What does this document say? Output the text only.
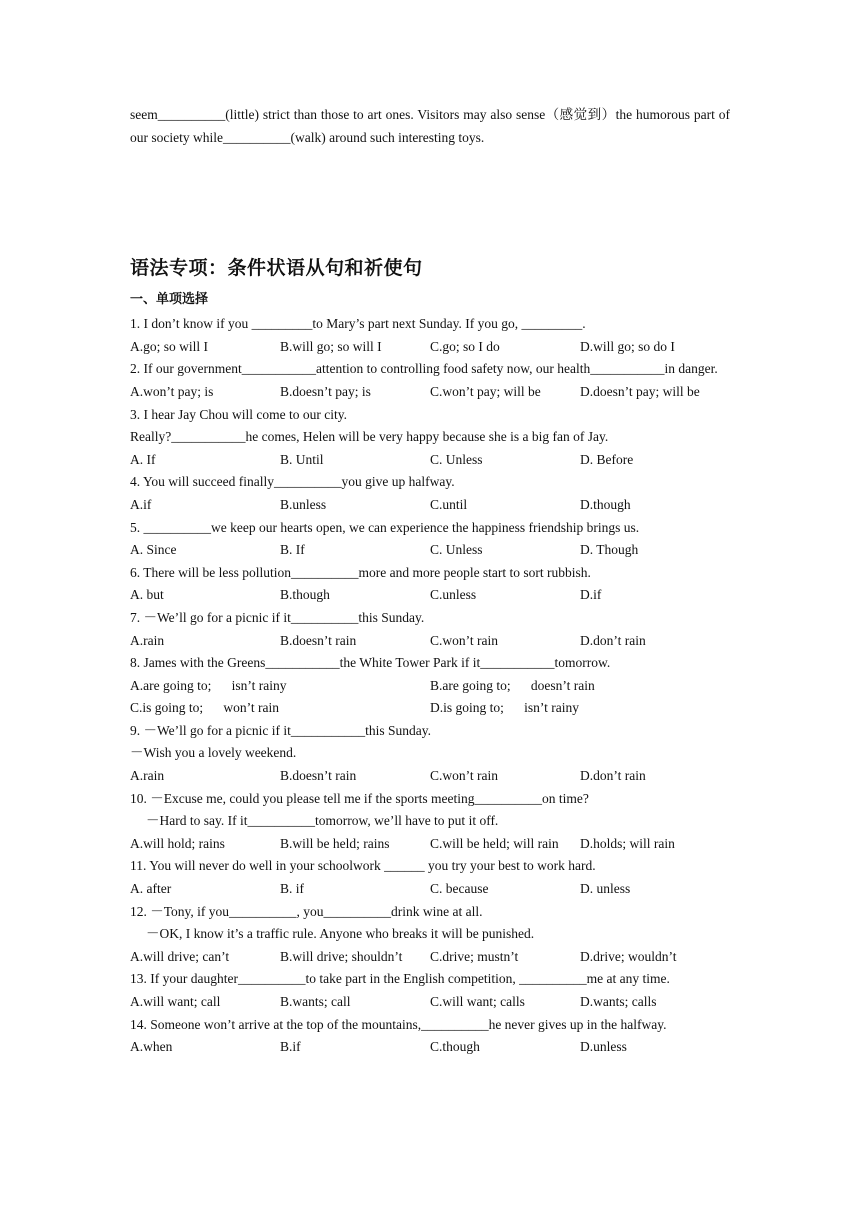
seem__________(little) strict than those to art ones. Visitors may also sense（感觉到）the humorous part of our society while__________(walk) around such interesting toys.

语法专项：条件状语从句和祈使句
一、单项选择

1. I don’t know if you _________to Mary’s part next Sunday. If you go, _________.

A.go; so will I	B.will go; so will I	C.go; so I do	D.will go; so do I

2. If our government___________attention to controlling food safety now, our health___________in danger.

A.won’t pay; is	B.doesn’t pay; is	C.won’t pay; will be	D.doesn’t pay; will be

3. I hear Jay Chou will come to our city.

Really?___________he comes, Helen will be very happy because she is a big fan of Jay.

A. If	B. Until	C. Unless	D. Before

4. You will succeed finally__________you give up halfway.

A.if	B.unless	C.until	D.though

5. __________we keep our hearts open, we can experience the happiness friendship brings us.

A. Since	B. If	C. Unless	D. Though

6. There will be less pollution__________more and more people start to sort rubbish.

A. but	B.though	C.unless	D.if

7. －We’ll go for a picnic if it__________this Sunday.

A.rain	B.doesn’t rain	C.won’t rain	D.don’t rain

8. James with the Greens___________the White Tower Park if it___________tomorrow.

A.are going to;      isn’t rainy	B.are going to;      doesn’t rain
C.is going to;      won’t rain	D.is going to;      isn’t rainy

9. －We’ll go for a picnic if it___________this Sunday.

－Wish you a lovely weekend.

A.rain	B.doesn’t rain	C.won’t rain	D.don’t rain

10. －Excuse me, could you please tell me if the sports meeting__________on time?

－Hard to say. If it__________tomorrow, we’ll have to put it off.

A.will hold; rains	B.will be held; rains	C.will be held; will rain	D.holds; will rain

11. You will never do well in your schoolwork ______ you try your best to work hard.

A. after	B. if	C. because	D. unless

12. －Tony, if you__________, you__________drink wine at all.

－OK, I know it’s a traffic rule. Anyone who breaks it will be punished.

A.will drive; can’t	B.will drive; shouldn’t	C.drive; mustn’t	D.drive; wouldn’t

13. If your daughter__________to take part in the English competition, __________me at any time.

A.will want; call	B.wants; call	C.will want; calls	D.wants; calls

14. Someone won’t arrive at the top of the mountains,__________he never gives up in the halfway.

A.when	B.if	C.though	D.unless
